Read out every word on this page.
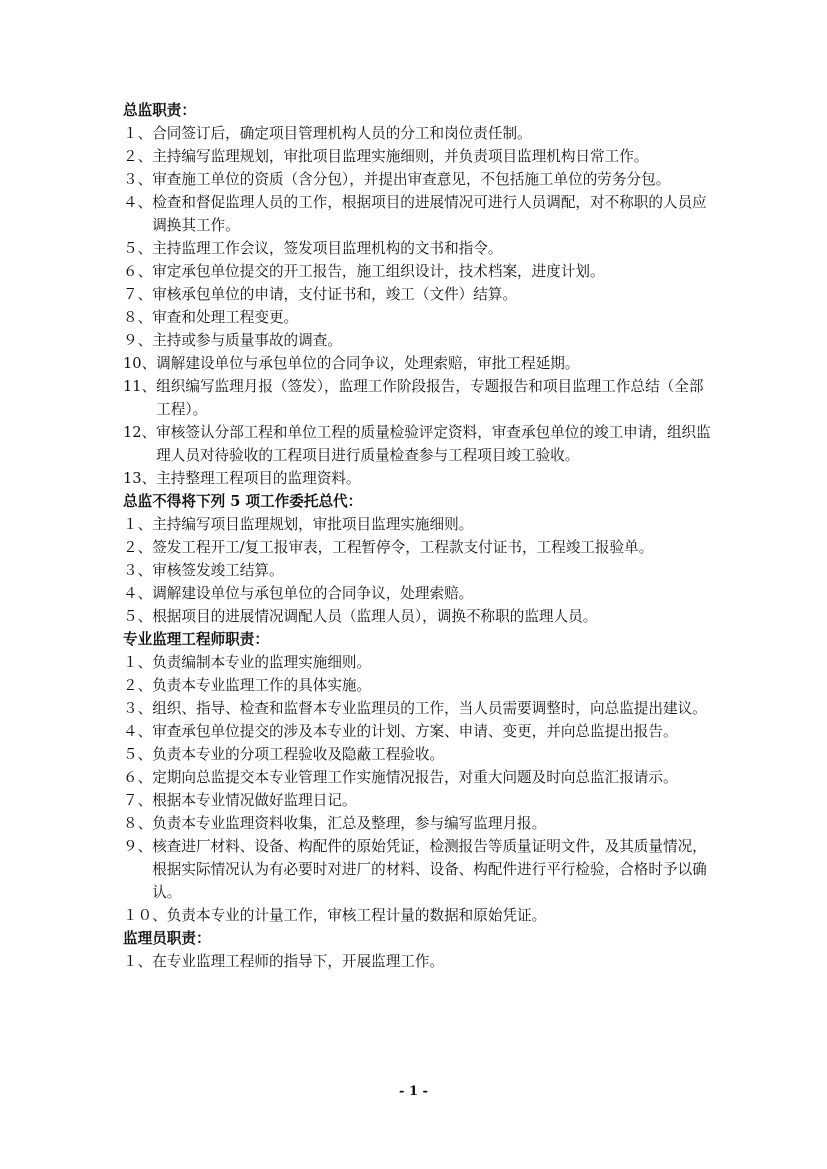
总监职责：
１、 合同签订后，确定项目管理机构人员的分工和岗位责任制。
２、 主持编写监理规划，审批项目监理实施细则，并负责项目监理机构日常工作。
３、 审查施工单位的资质（含分包），并提出审查意见，不包括施工单位的劳务分包。
４、 检查和督促监理人员的工作，根据项目的进展情况可进行人员调配，对不称职的人员应调换其工作。
５、 主持监理工作会议，签发项目监理机构的文书和指令。
６、 审定承包单位提交的开工报告，施工组织设计，技术档案，进度计划。
７、 审核承包单位的申请，支付证书和，竣工（文件）结算。
８、 审查和处理工程变更。
９、 主持或参与质量事故的调查。
10、 调解建设单位与承包单位的合同争议，处理索赔，审批工程延期。
11、 组织编写监理月报（签发），监理工作阶段报告，专题报告和项目监理工作总结（全部工程）。
12、 审核签认分部工程和单位工程的质量检验评定资料，审查承包单位的竣工申请，组织监理人员对待验收的工程项目进行质量检查参与工程项目竣工验收。
13、 主持整理工程项目的监理资料。
总监不得将下列 5 项工作委托总代：
１、 主持编写项目监理规划，审批项目监理实施细则。
２、 签发工程开工/复工报审表，工程暂停令，工程款支付证书，工程竣工报验单。
３、 审核签发竣工结算。
４、 调解建设单位与承包单位的合同争议，处理索赔。
５、 根据项目的进展情况调配人员（监理人员），调换不称职的监理人员。
专业监理工程师职责：
１、 负责编制本专业的监理实施细则。
２、 负责本专业监理工作的具体实施。
３、 组织、指导、检查和监督本专业监理员的工作，当人员需要调整时，向总监提出建议。
４、 审查承包单位提交的涉及本专业的计划、方案、申请、变更，并向总监提出报告。
５、 负责本专业的分项工程验收及隐蔽工程验收。
６、 定期向总监提交本专业管理工作实施情况报告，对重大问题及时向总监汇报请示。
７、 根据本专业情况做好监理日记。
８、 负责本专业监理资料收集，汇总及整理，参与编写监理月报。
９、 核查进厂材料、设备、构配件的原始凭证，检测报告等质量证明文件，及其质量情况，根据实际情况认为有必要时对进厂的材料、设备、构配件进行平行检验，合格时予以确认。
１０、 负责本专业的计量工作，审核工程计量的数据和原始凭证。
监理员职责：
１、 在专业监理工程师的指导下，开展监理工作。
- 1 -
